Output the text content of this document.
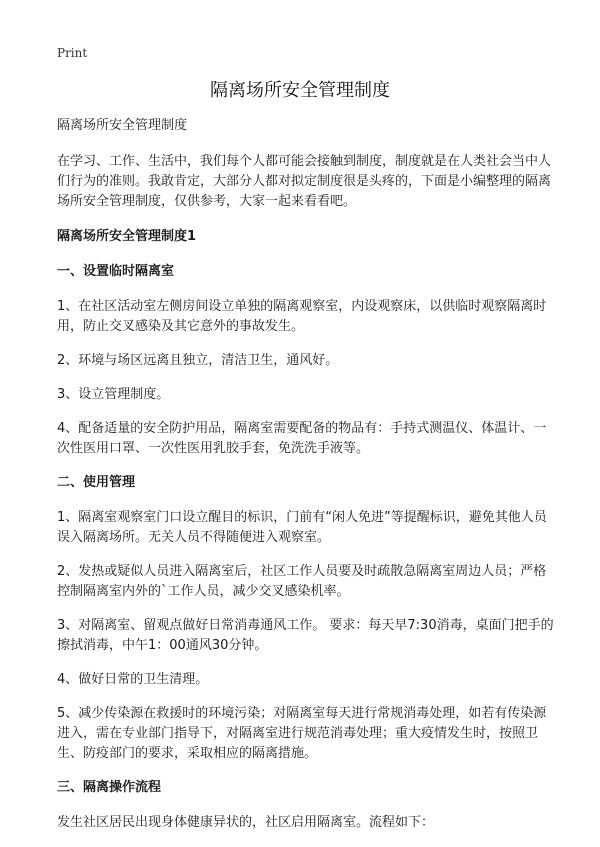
Print
隔离场所安全管理制度

隔离场所安全管理制度

在学习、工作、生活中，我们每个人都可能会接触到制度，制度就是在人类社会当中人们行为的准则。我敢肯定，大部分人都对拟定制度很是头疼的，下面是小编整理的隔离场所安全管理制度，仅供参考，大家一起来看看吧。

隔离场所安全管理制度1

一、设置临时隔离室

1、在社区活动室左侧房间设立单独的隔离观察室，内设观察床，以供临时观察隔离时用，防止交叉感染及其它意外的事故发生。

2、环境与场区远离且独立，清洁卫生，通风好。

3、设立管理制度。

4、配备适量的安全防护用品，隔离室需要配备的物品有：手持式测温仪、体温计、一次性医用口罩、一次性医用乳胶手套，免洗洗手液等。

二、使用管理

1、隔离室观察室门口设立醒目的标识，门前有“闲人免进”等提醒标识，避免其他人员误入隔离场所。无关人员不得随便进入观察室。

2、发热或疑似人员进入隔离室后，社区工作人员要及时疏散急隔离室周边人员；严格控制隔离室内外的`工作人员，减少交叉感染机率。

3、对隔离室、留观点做好日常消毒通风工作。 要求：每天早7:30消毒，桌面门把手的擦拭消毒，中午1：00通风30分钟。

4、做好日常的卫生清理。

5、减少传染源在救援时的环境污染；对隔离室每天进行常规消毒处理，如若有传染源进入，需在专业部门指导下，对隔离室进行规范消毒处理；重大疫情发生时，按照卫生、防疫部门的要求，采取相应的隔离措施。

三、隔离操作流程

发生社区居民出现身体健康异状的，社区启用隔离室。流程如下：
